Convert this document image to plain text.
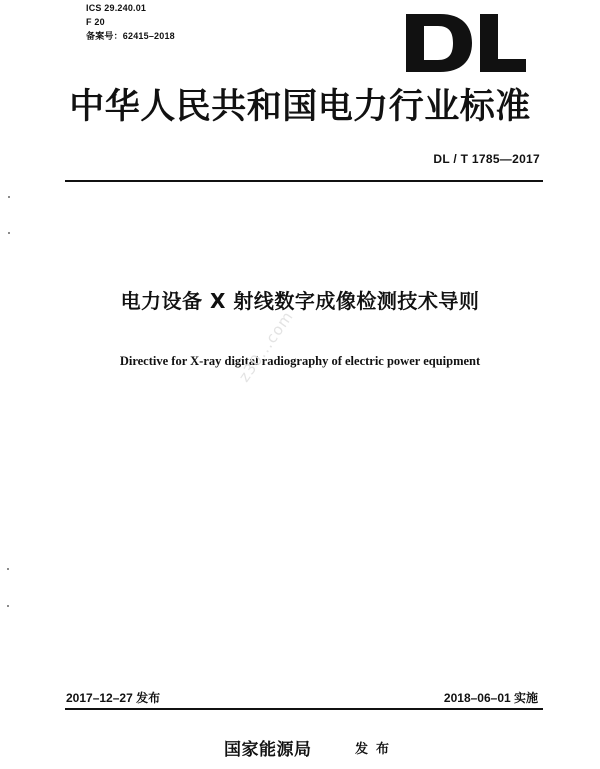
ICS 29.240.01
F 20
备案号：62415–2018
中华人民共和国电力行业标准
DL / T 1785—2017
电力设备 X 射线数字成像检测技术导则
Directive for X-ray digital radiography of electric power equipment
z30...com
2017–12–27 发布	2018–06–01 实施
国家能源局	发布
